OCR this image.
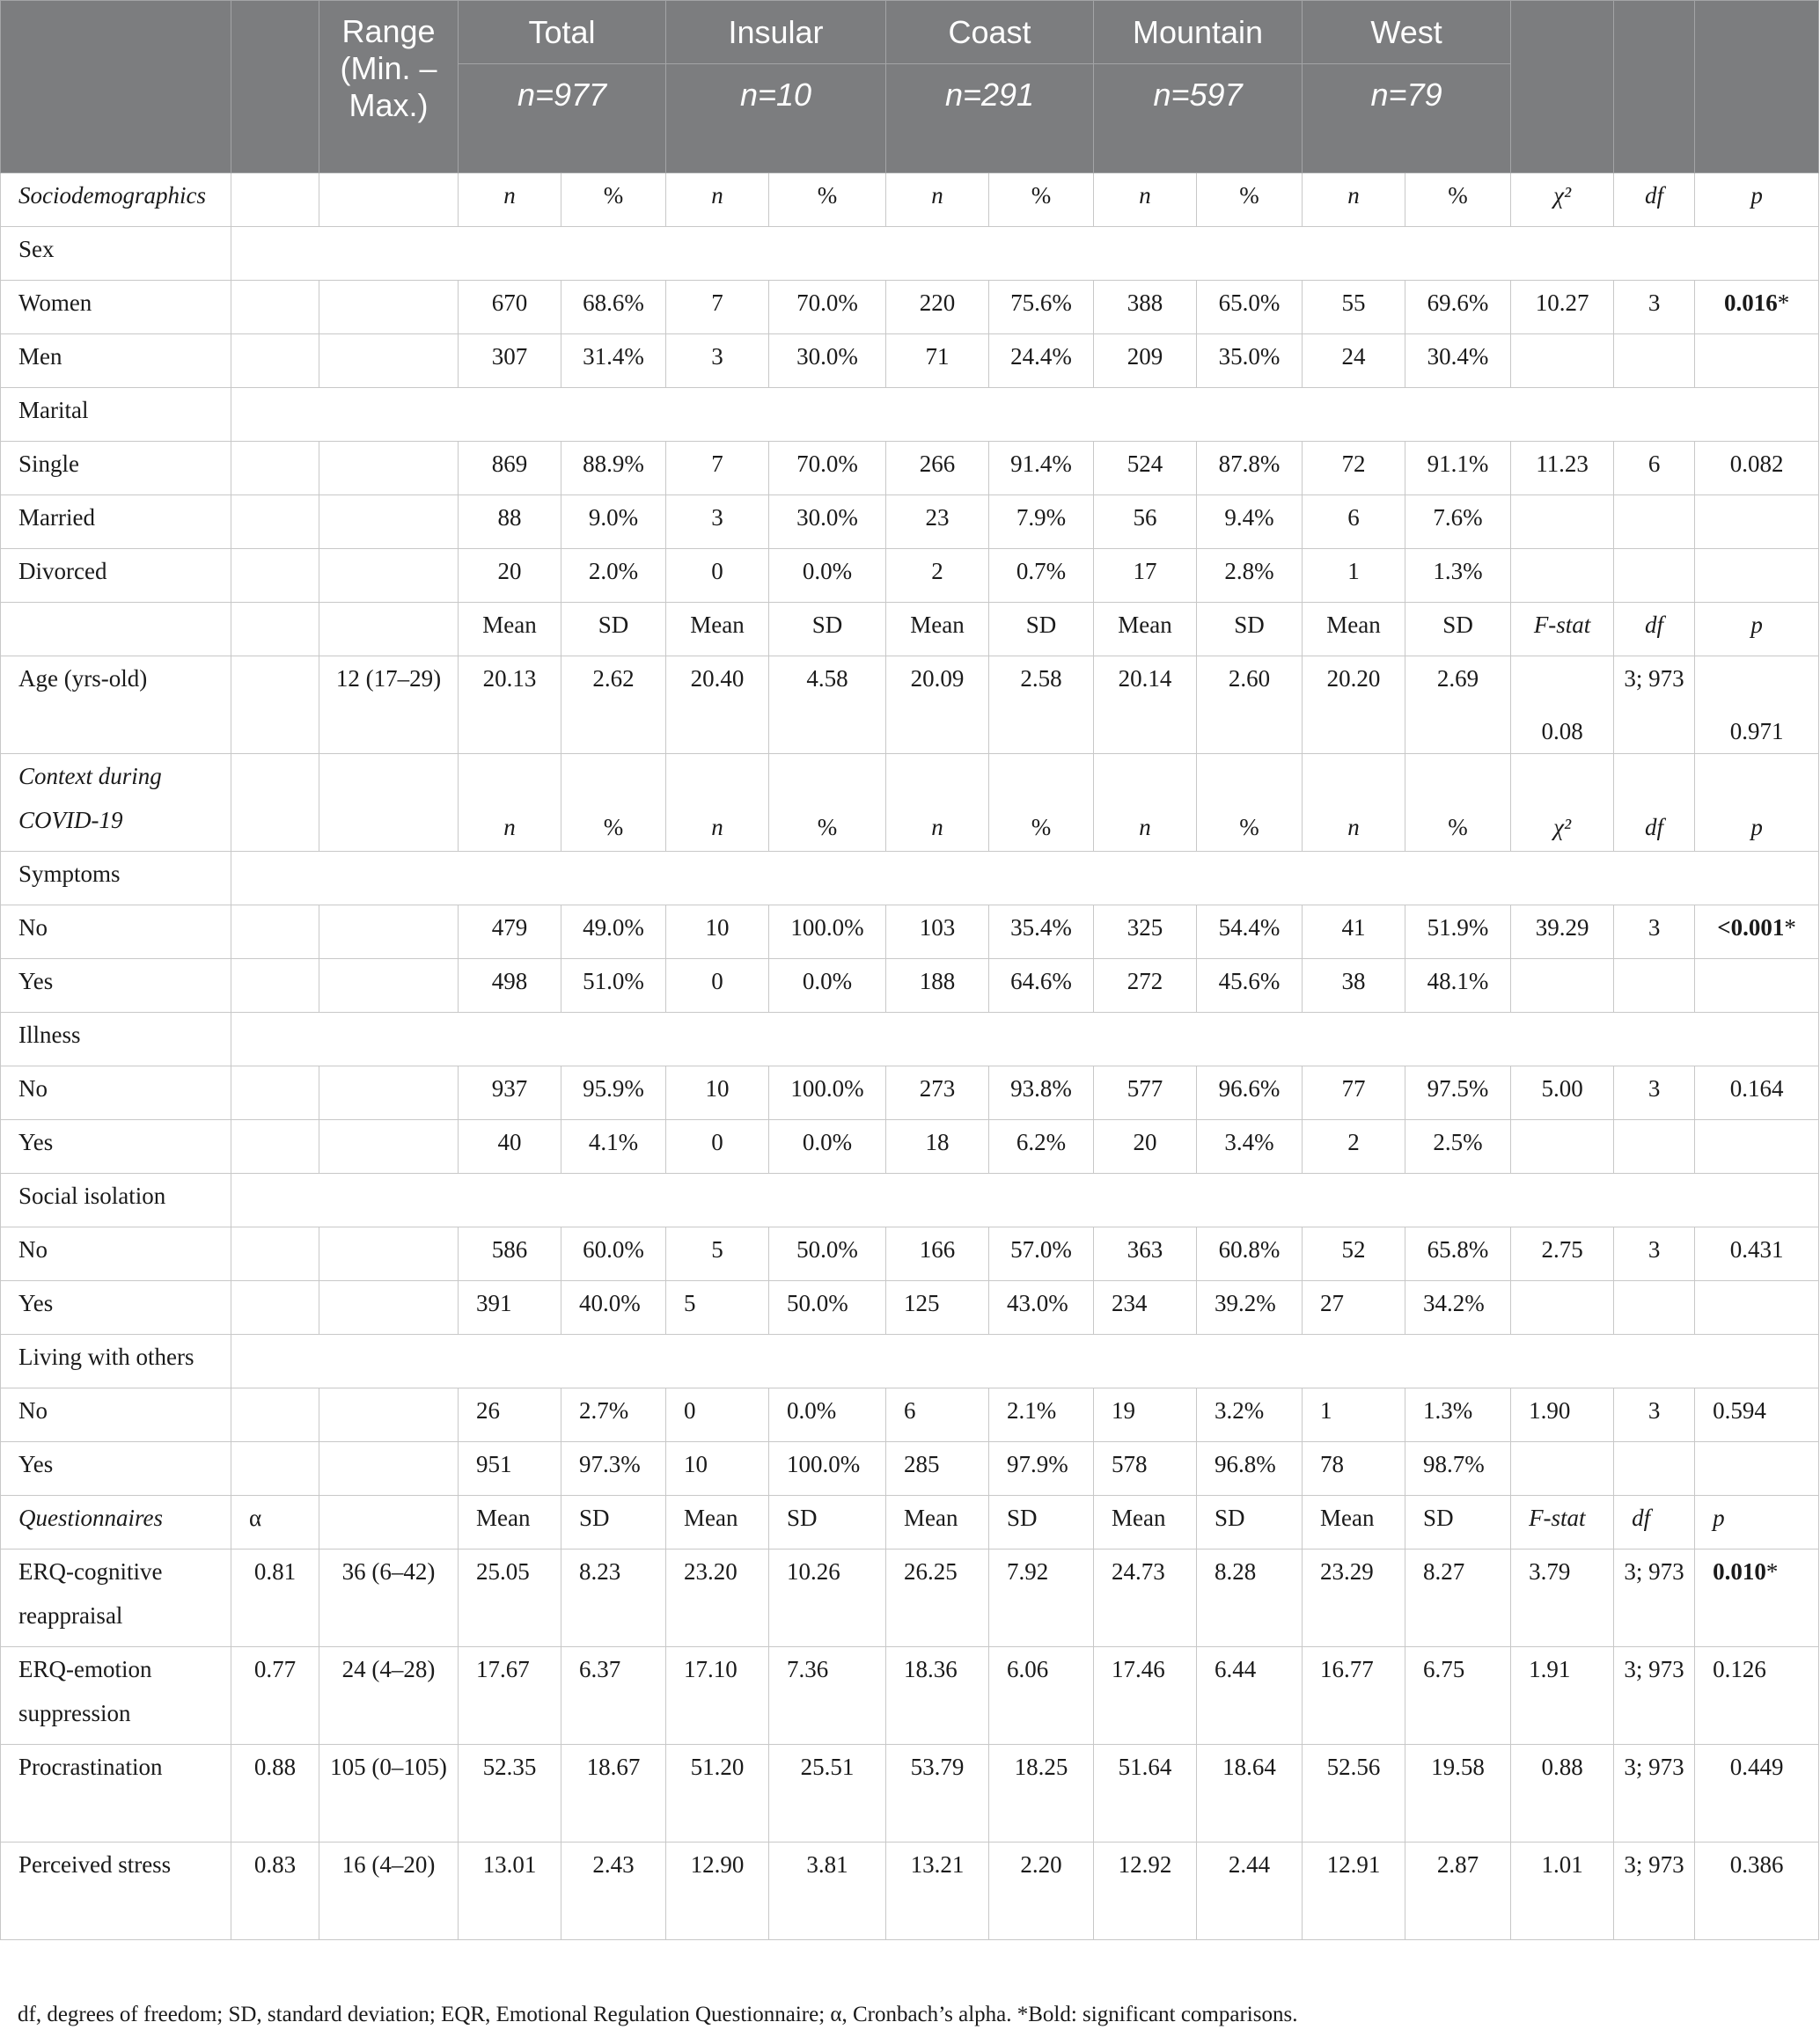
		Range (Min. – Max.)	Total		Insular		Coast		Mountain		West				
			n=977		n=10		n=291		n=597		n=79				
Sociodemographics			n	%	n	%	n	%	n	%	n	%	χ²	df	p
Sex															
Women			670	68.6%	7	70.0%	220	75.6%	388	65.0%	55	69.6%	10.27	3	0.016*
Men			307	31.4%	3	30.0%	71	24.4%	209	35.0%	24	30.4%			
Marital															
Single			869	88.9%	7	70.0%	266	91.4%	524	87.8%	72	91.1%	11.23	6	0.082
Married			88	9.0%	3	30.0%	23	7.9%	56	9.4%	6	7.6%			
Divorced			20	2.0%	0	0.0%	2	0.7%	17	2.8%	1	1.3%			
			Mean	SD	Mean	SD	Mean	SD	Mean	SD	Mean	SD	F-stat	df	p
Age (yrs-old)		12 (17–29)	20.13	2.62	20.40	4.58	20.09	2.58	20.14	2.60	20.20	2.69	0.08	3; 973	0.971
Context during COVID-19			n	%	n	%	n	%	n	%	n	%	χ²	df	p
Symptoms															
No			479	49.0%	10	100.0%	103	35.4%	325	54.4%	41	51.9%	39.29	3	<0.001*
Yes			498	51.0%	0	0.0%	188	64.6%	272	45.6%	38	48.1%			
Illness															
No			937	95.9%	10	100.0%	273	93.8%	577	96.6%	77	97.5%	5.00	3	0.164
Yes			40	4.1%	0	0.0%	18	6.2%	20	3.4%	2	2.5%			
Social isolation															
No			586	60.0%	5	50.0%	166	57.0%	363	60.8%	52	65.8%	2.75	3	0.431
Yes			391	40.0%	5	50.0%	125	43.0%	234	39.2%	27	34.2%			
Living with others															
No			26	2.7%	0	0.0%	6	2.1%	19	3.2%	1	1.3%	1.90	3	0.594
Yes			951	97.3%	10	100.0%	285	97.9%	578	96.8%	78	98.7%			
Questionnaires	α		Mean	SD	Mean	SD	Mean	SD	Mean	SD	Mean	SD	F-stat	df	p
ERQ-cognitive reappraisal	0.81	36 (6–42)	25.05	8.23	23.20	10.26	26.25	7.92	24.73	8.28	23.29	8.27	3.79	3; 973	0.010*
ERQ-emotion suppression	0.77	24 (4–28)	17.67	6.37	17.10	7.36	18.36	6.06	17.46	6.44	16.77	6.75	1.91	3; 973	0.126
Procrastination	0.88	105 (0–105)	52.35	18.67	51.20	25.51	53.79	18.25	51.64	18.64	52.56	19.58	0.88	3; 973	0.449
Perceived stress	0.83	16 (4–20)	13.01	2.43	12.90	3.81	13.21	2.20	12.92	2.44	12.91	2.87	1.01	3; 973	0.386
df, degrees of freedom; SD, standard deviation; EQR, Emotional Regulation Questionnaire; α, Cronbach’s alpha. *Bold: significant comparisons.
